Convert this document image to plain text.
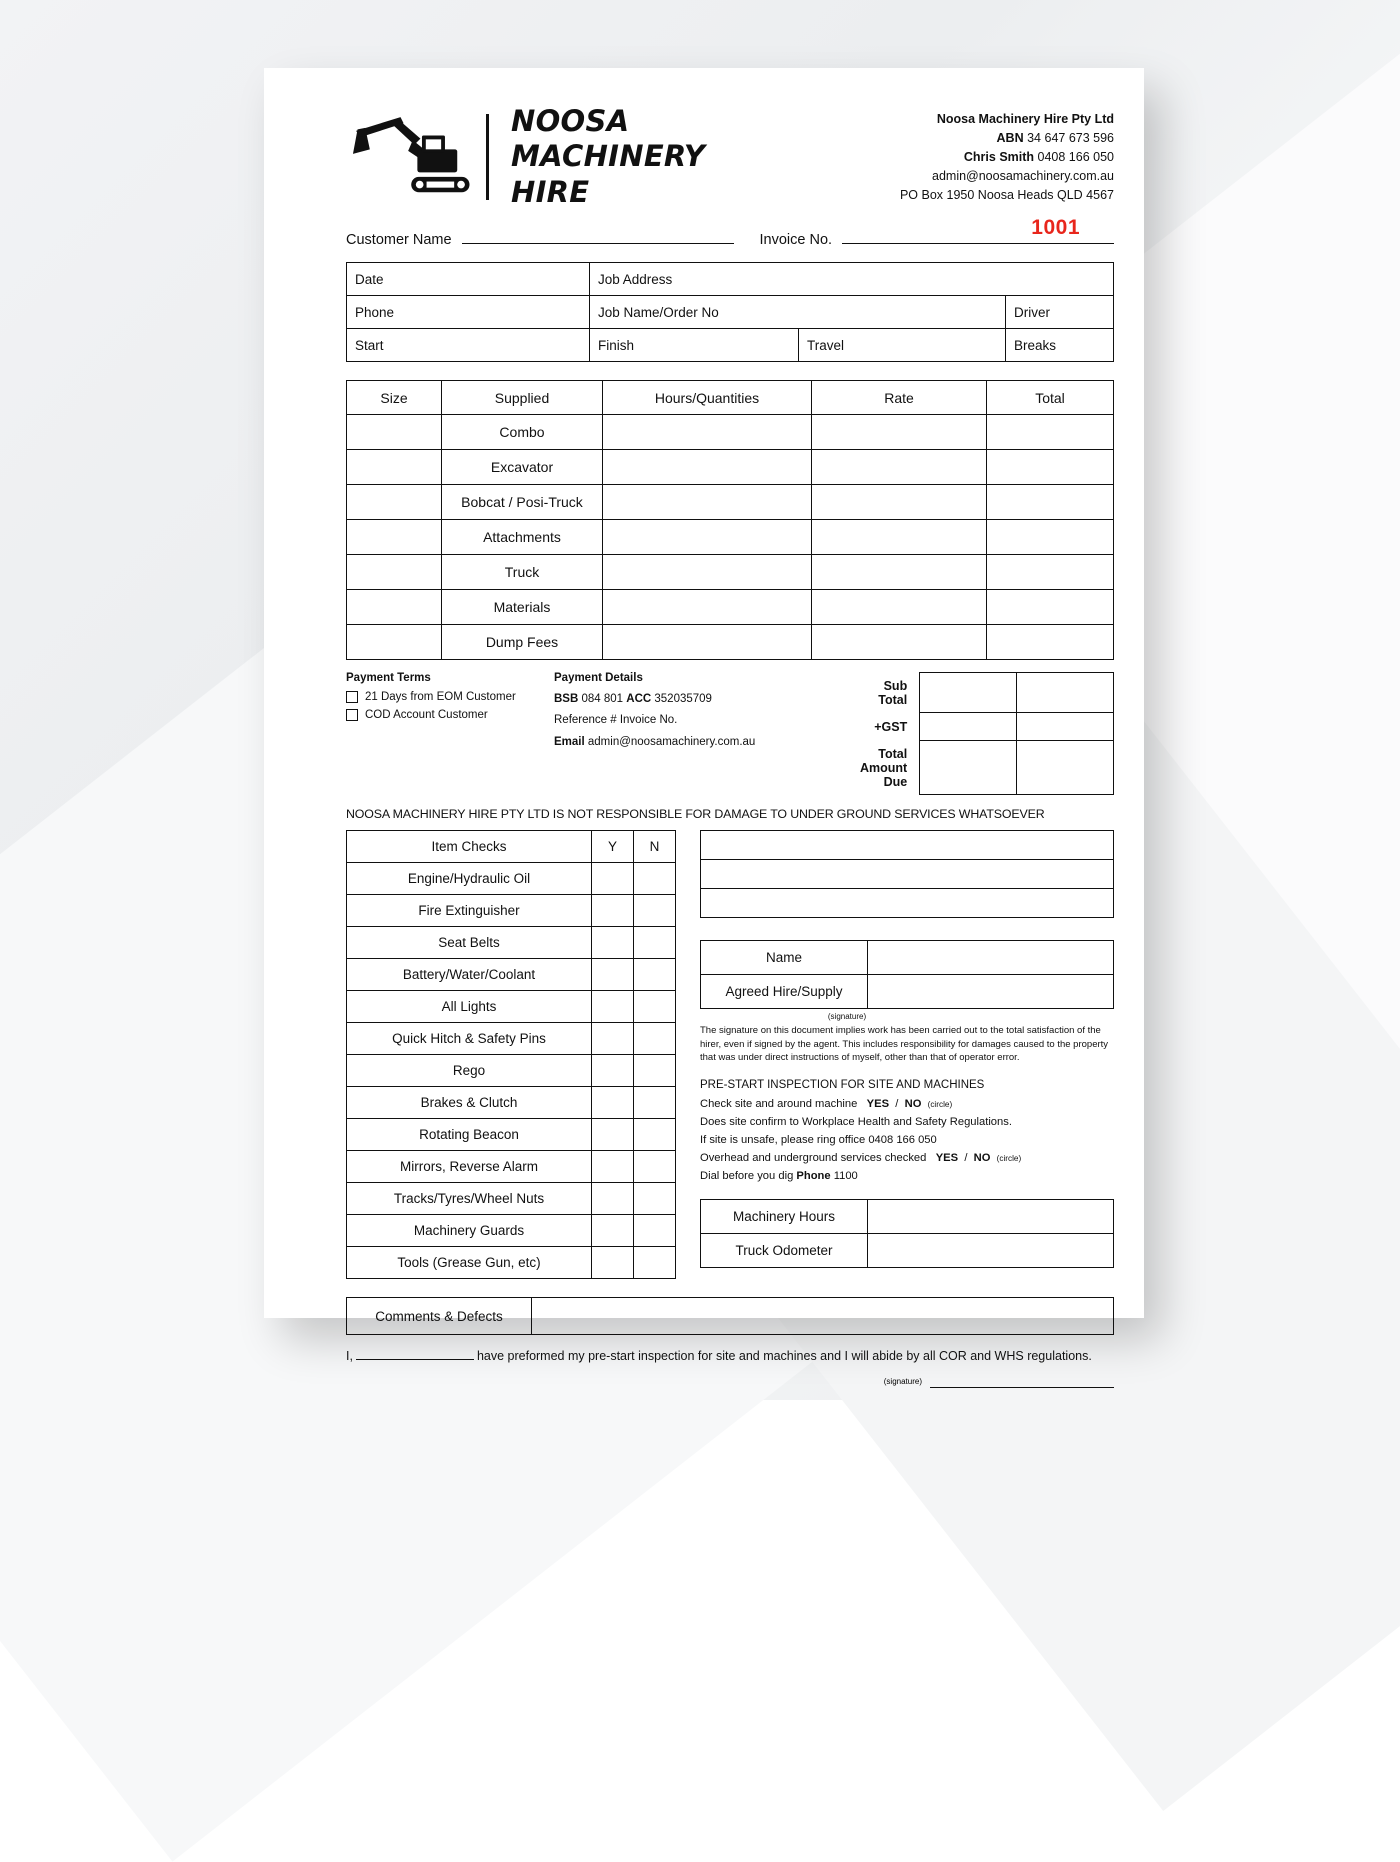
NOOSA
MACHINERY
HIRE
Noosa Machinery Hire Pty Ltd
ABN 34 647 673 596
Chris Smith 0408 166 050
admin@noosamachinery.com.au
PO Box 1950 Noosa Heads QLD 4567
Customer Name	Invoice No.
1001
Date	Job Address		
Phone	Job Name/Order No		Driver
Start	Finish	Travel	Breaks
Size	Supplied	Hours/Quantities	Rate	Total
	Combo			
	Excavator			
	Bobcat / Posi-Truck			
	Attachments			
	Truck			
	Materials			
	Dump Fees			
Payment Terms
21 Days from EOM Customer
COD Account Customer
Payment Details
BSB 084 801 ACC 352035709
Reference # Invoice No.
Email admin@noosamachinery.com.au
Sub Total		
+GST		
Total Amount Due		
NOOSA MACHINERY HIRE PTY LTD IS NOT RESPONSIBLE FOR DAMAGE TO UNDER GROUND SERVICES WHATSOEVER
Item Checks	Y	N
Engine/Hydraulic Oil		
Fire Extinguisher		
Seat Belts		
Battery/Water/Coolant		
All Lights		
Quick Hitch & Safety Pins		
Rego		
Brakes & Clutch		
Rotating Beacon		
Mirrors, Reverse Alarm		
Tracks/Tyres/Wheel Nuts		
Machinery Guards		
Tools (Grease Gun, etc)		
Name	
Agreed Hire/Supply	
(signature)
The signature on this document implies work has been carried out to the total satisfaction of the hirer, even if signed by the agent. This includes responsibility for damages caused to the property that was under direct instructions of myself, other than that of operator error.
PRE-START INSPECTION FOR SITE AND MACHINES
Check site and around machine YES / NO (circle)
Does site confirm to Workplace Health and Safety Regulations.
If site is unsafe, please ring office 0408 166 050
Overhead and underground services checked YES / NO (circle)
Dial before you dig Phone 1100
Machinery Hours	
Truck Odometer	
Comments & Defects	
I,	have preformed my pre-start inspection for site and machines and I will abide by all COR and WHS regulations.
(signature)
